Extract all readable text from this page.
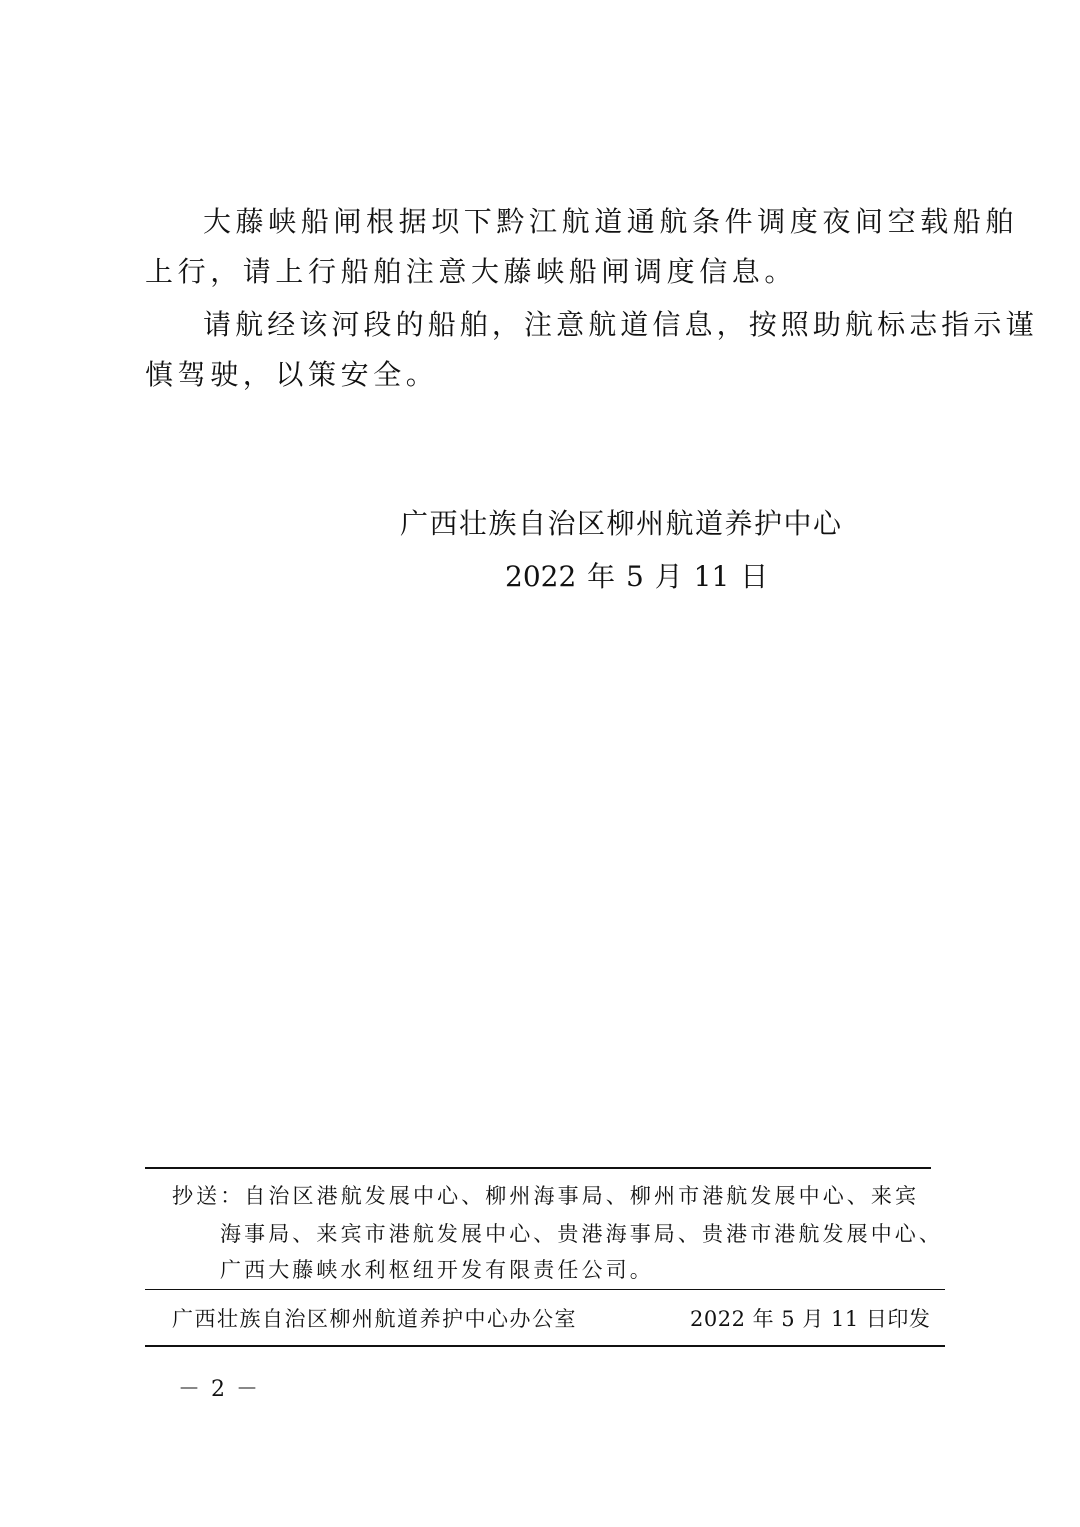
大藤峡船闸根据坝下黔江航道通航条件调度夜间空载船舶
上行，请上行船舶注意大藤峡船闸调度信息。
请航经该河段的船舶，注意航道信息，按照助航标志指示谨
慎驾驶，以策安全。
广西壮族自治区柳州航道养护中心
2022 年 5 月 11 日
抄送：自治区港航发展中心、柳州海事局、柳州市港航发展中心、来宾
海事局、来宾市港航发展中心、贵港海事局、贵港市港航发展中心、
广西大藤峡水利枢纽开发有限责任公司。
广西壮族自治区柳州航道养护中心办公室	2022 年 5 月 11 日印发
－ 2 －
